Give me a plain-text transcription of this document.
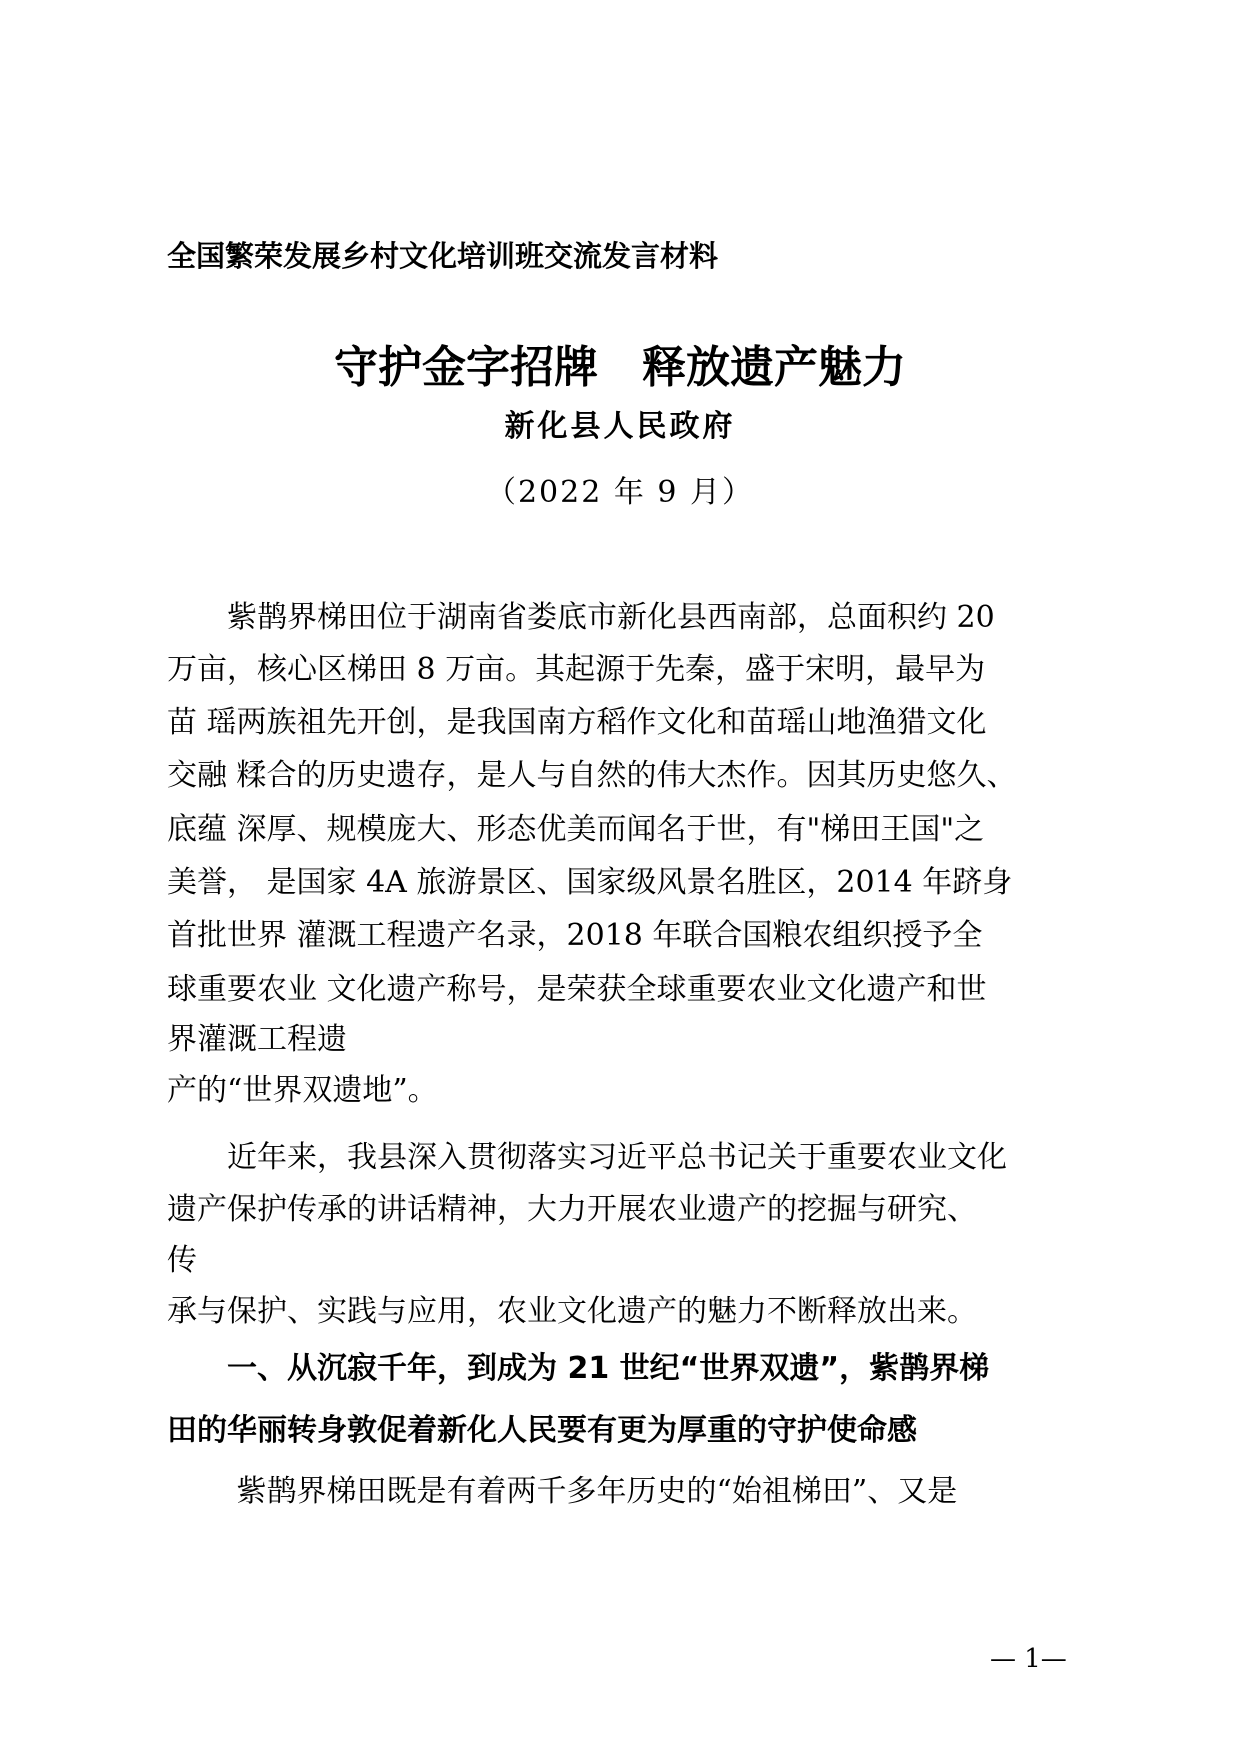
全国繁荣发展乡村文化培训班交流发言材料
守护金字招牌　释放遗产魅力
新化县人民政府
（2022 年 9 月）
　　紫鹊界梯田位于湖南省娄底市新化县西南部，总面积约 20
万亩，核心区梯田 8 万亩。其起源于先秦，盛于宋明，最早为
苗 瑶两族祖先开创，是我国南方稻作文化和苗瑶山地渔猎文化
交融 糅合的历史遗存，是人与自然的伟大杰作。因其历史悠久、
底蕴 深厚、规模庞大、形态优美而闻名于世，有"梯田王国"之
美誉， 是国家 4A 旅游景区、国家级风景名胜区，2014 年跻身
首批世界 灌溉工程遗产名录，2018 年联合国粮农组织授予全
球重要农业 文化遗产称号，是荣获全球重要农业文化遗产和世
界灌溉工程遗
产的“世界双遗地”。
　　近年来，我县深入贯彻落实习近平总书记关于重要农业文化
遗产保护传承的讲话精神，大力开展农业遗产的挖掘与研究、
传
承与保护、实践与应用，农业文化遗产的魅力不断释放出来。
　　一、从沉寂千年，到成为 21 世纪“世界双遗”，紫鹊界梯
田的华丽转身敦促着新化人民要有更为厚重的守护使命感
　　 紫鹊界梯田既是有着两千多年历史的“始祖梯田”、又是
— 1—
